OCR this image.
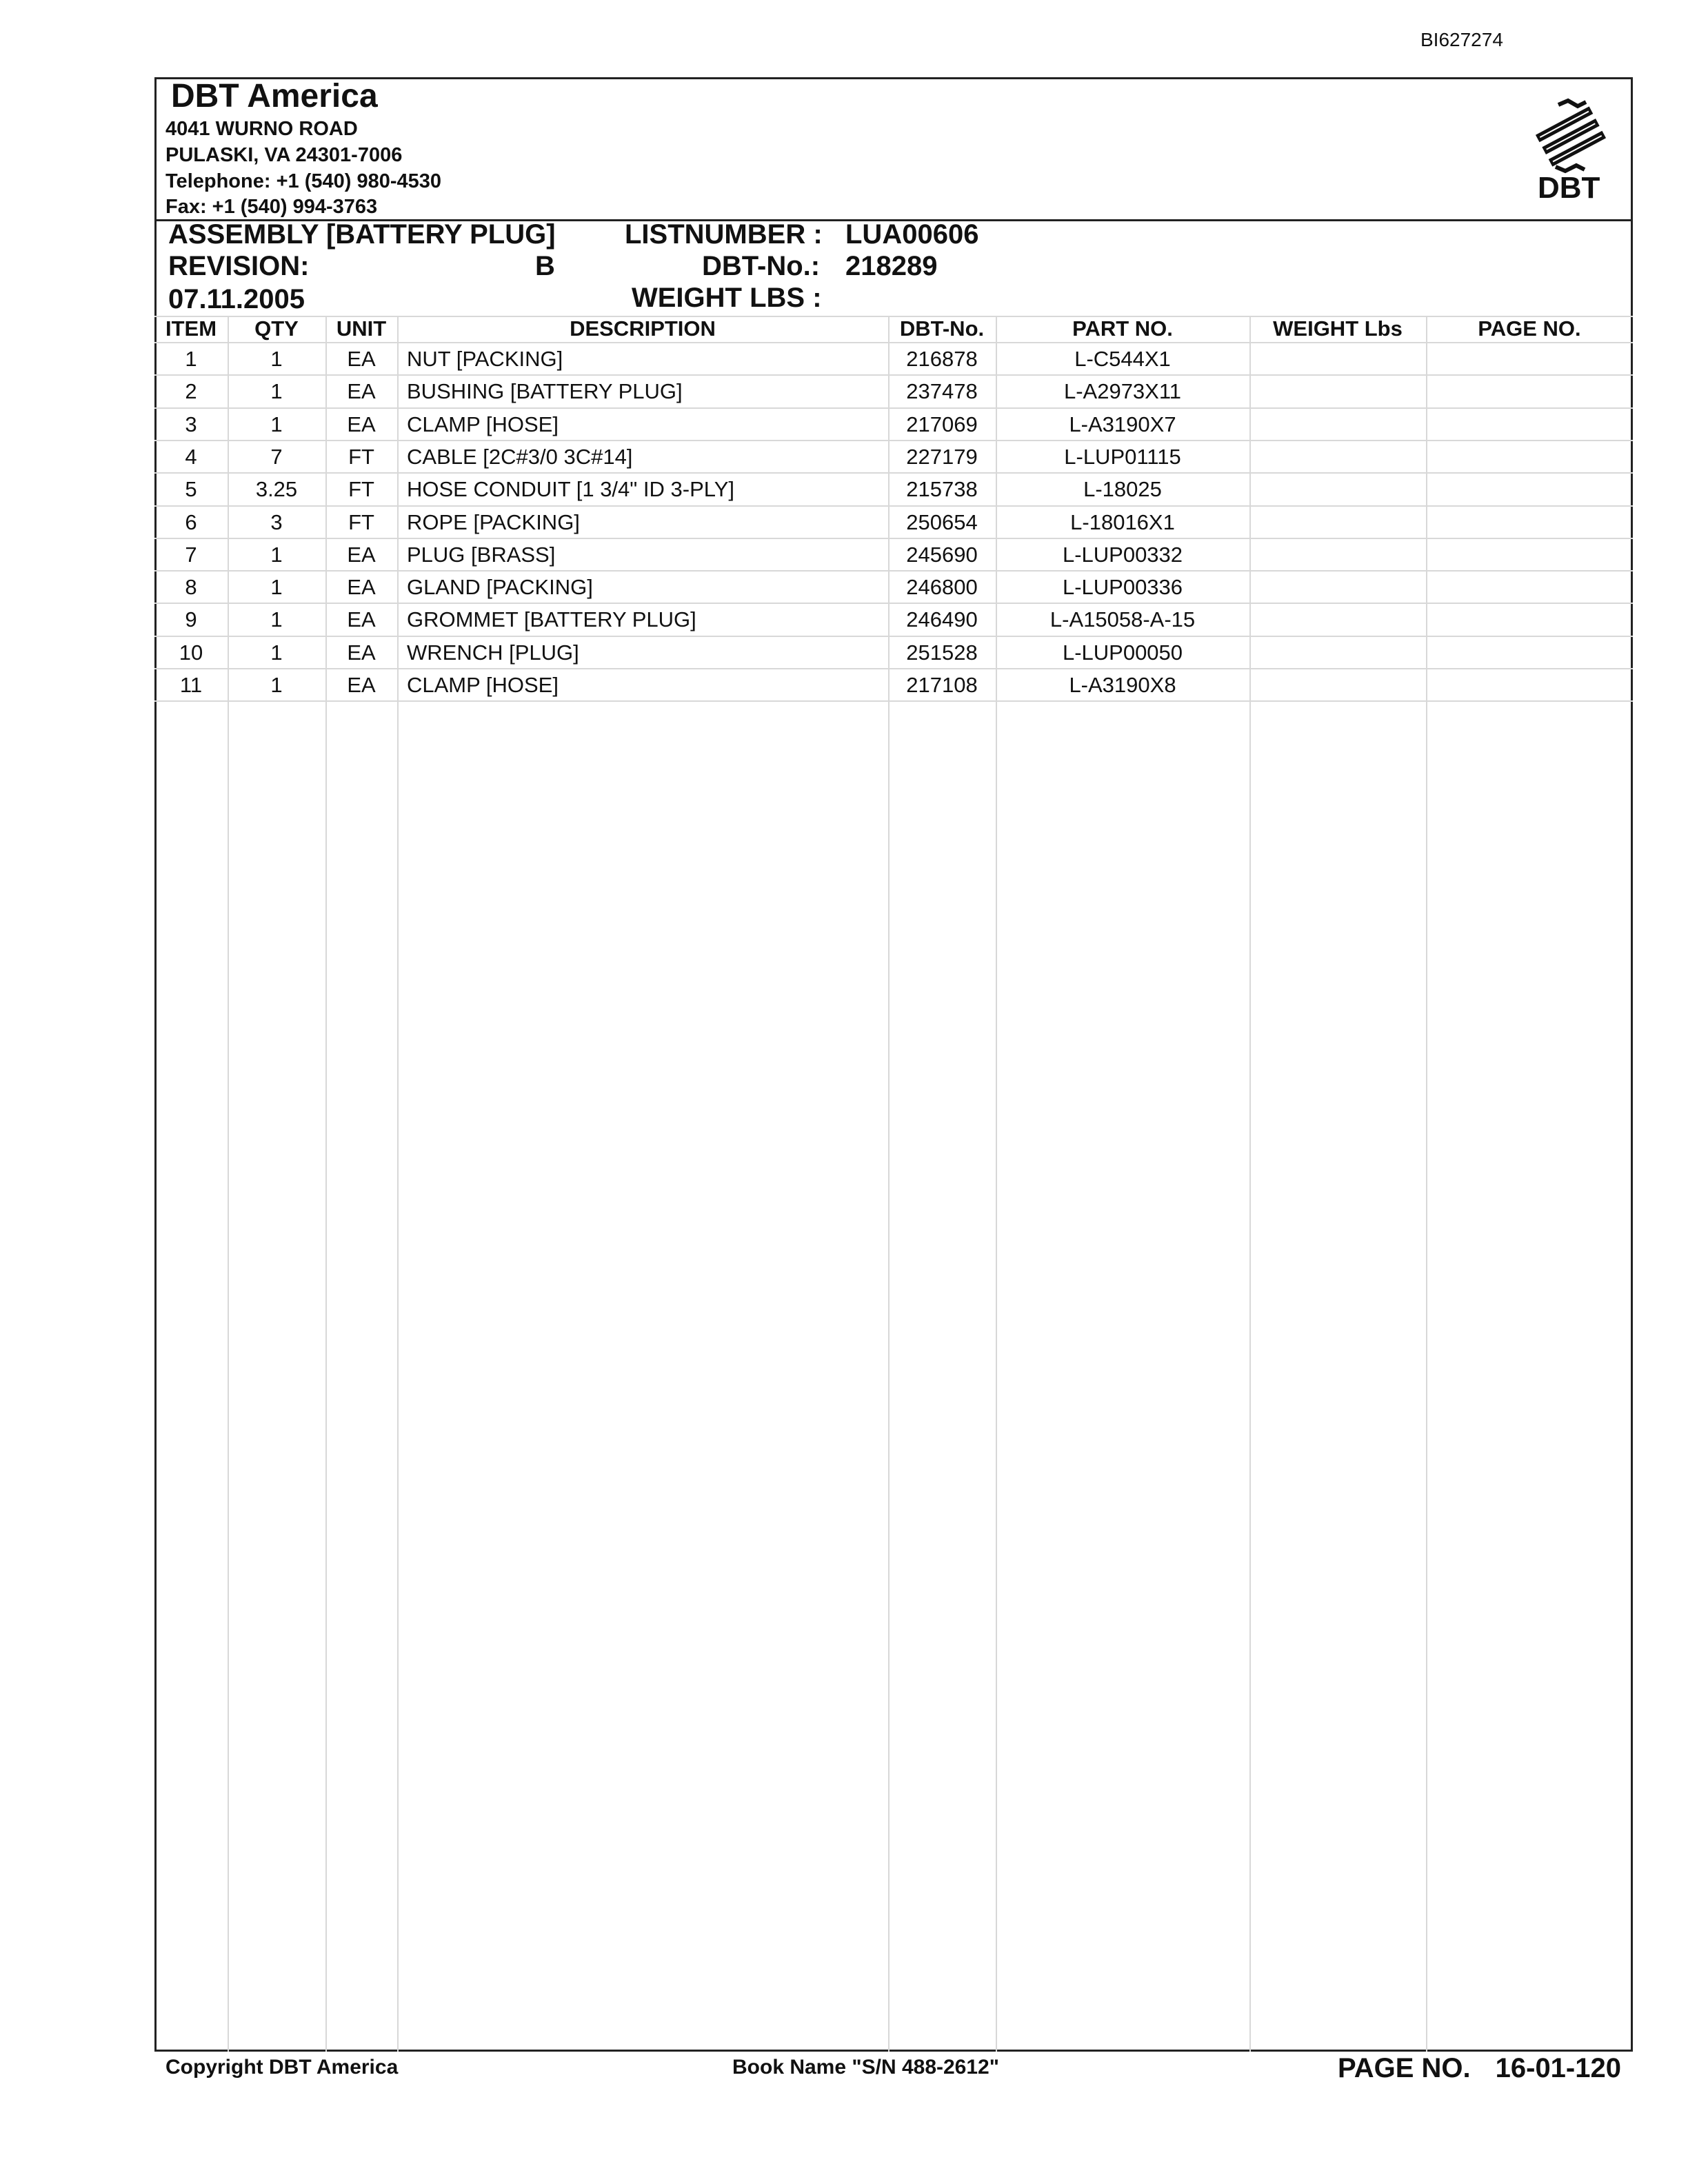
BI627274
DBT America
4041 WURNO ROAD
PULASKI, VA 24301-7006
Telephone: +1 (540) 980-4530
Fax: +1 (540) 994-3763
DBT
ASSEMBLY [BATTERY PLUG]
REVISION:	B
07.11.2005
LISTNUMBER : LUA00606
DBT-No.: 218289
WEIGHT LBS :
ITEM	QTY	UNIT	DESCRIPTION	DBT-No.	PART NO.	WEIGHT Lbs	PAGE NO.
1	1	EA	NUT [PACKING]	216878	L-C544X1
2	1	EA	BUSHING [BATTERY PLUG]	237478	L-A2973X11
3	1	EA	CLAMP [HOSE]	217069	L-A3190X7
4	7	FT	CABLE [2C#3/0 3C#14]	227179	L-LUP01115
5	3.25	FT	HOSE CONDUIT [1 3/4" ID 3-PLY]	215738	L-18025
6	3	FT	ROPE [PACKING]	250654	L-18016X1
7	1	EA	PLUG [BRASS]	245690	L-LUP00332
8	1	EA	GLAND [PACKING]	246800	L-LUP00336
9	1	EA	GROMMET [BATTERY PLUG]	246490	L-A15058-A-15
10	1	EA	WRENCH [PLUG]	251528	L-LUP00050
11	1	EA	CLAMP [HOSE]	217108	L-A3190X8
Copyright DBT America	Book Name "S/N 488-2612"	PAGE NO. 16-01-120
